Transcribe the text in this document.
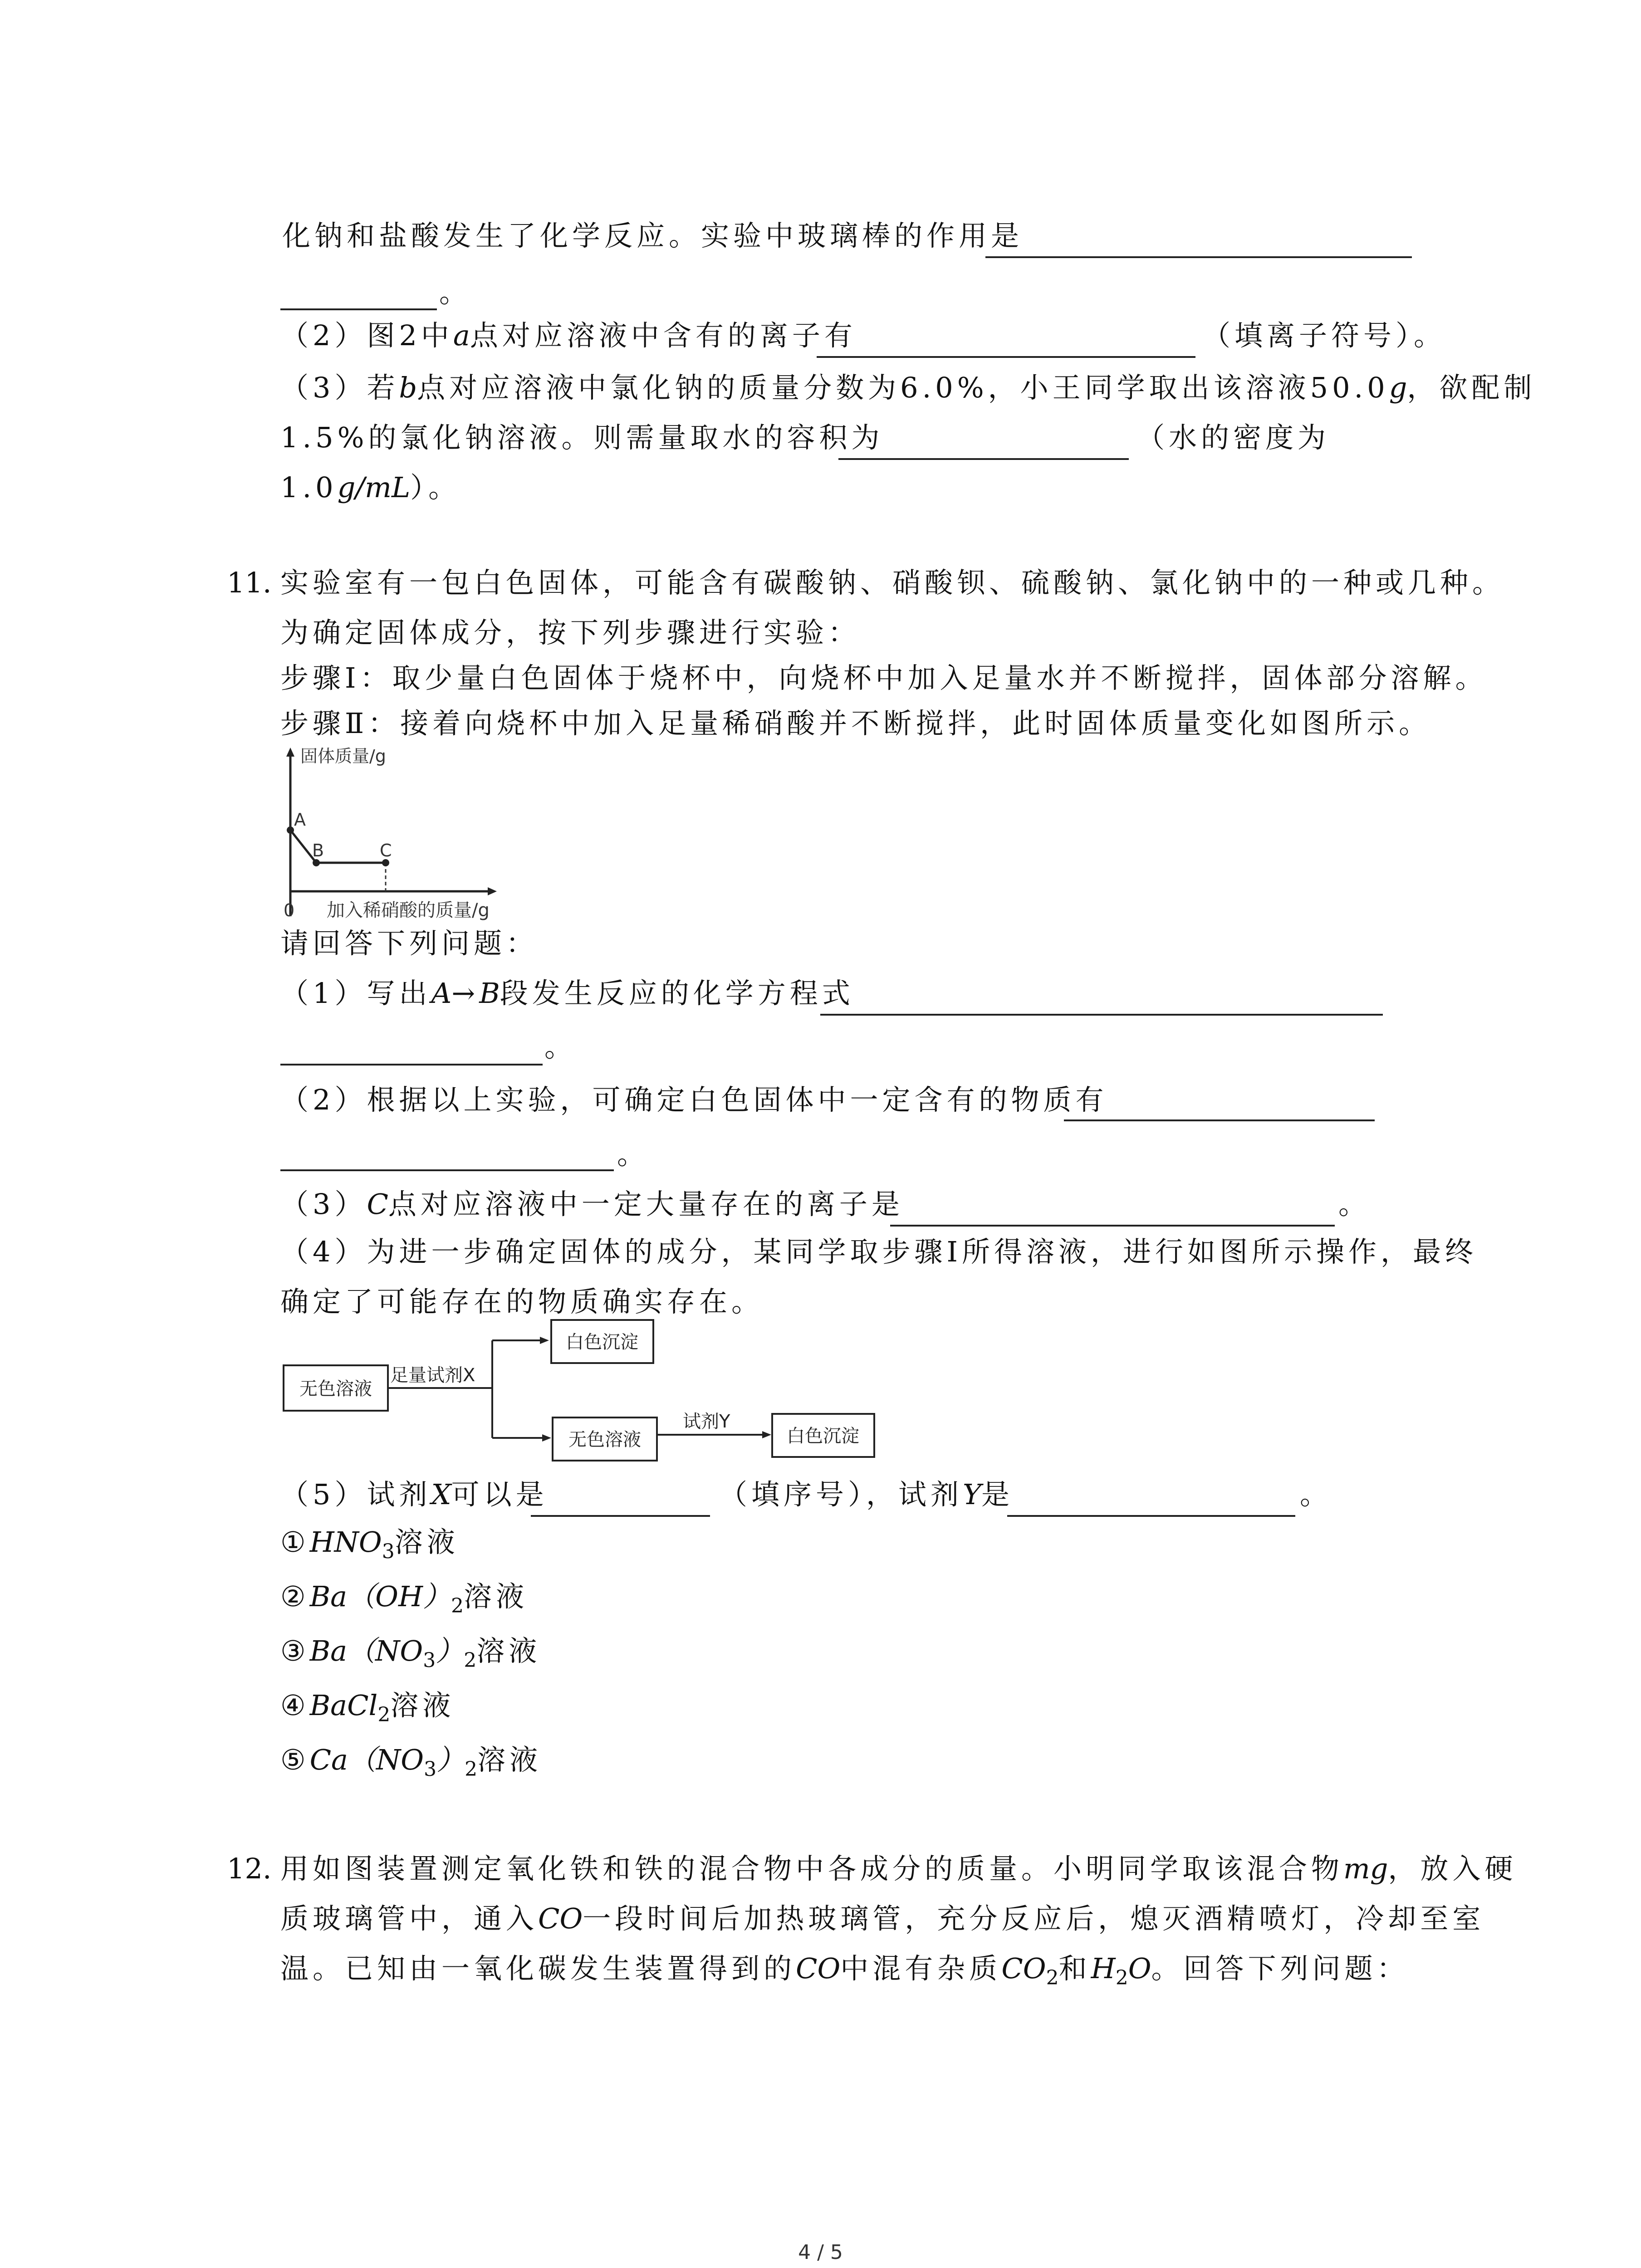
化钠和盐酸发生了化学反应。实验中玻璃棒的作用是
。
（2）图2中a点对应溶液中含有的离子有	（填离子符号）。
（3）若b点对应溶液中氯化钠的质量分数为6.0%，小王同学取出该溶液50.0g，欲配制
1.5%的氯化钠溶液。则需量取水的容积为	（水的密度为
1.0g/mL）。
11. 实验室有一包白色固体，可能含有碳酸钠、硝酸钡、硫酸钠、氯化钠中的一种或几种。
为确定固体成分，按下列步骤进行实验：
步骤Ⅰ：取少量白色固体于烧杯中，向烧杯中加入足量水并不断搅拌，固体部分溶解。
步骤Ⅱ：接着向烧杯中加入足量稀硝酸并不断搅拌，此时固体质量变化如图所示。
固体质量/g
A
B	C
0 加入稀硝酸的质量/g
请回答下列问题：
（1）写出A→B段发生反应的化学方程式
。
（2）根据以上实验，可确定白色固体中一定含有的物质有
。
（3）C点对应溶液中一定大量存在的离子是	。
（4）为进一步确定固体的成分，某同学取步骤Ⅰ所得溶液，进行如图所示操作，最终
确定了可能存在的物质确实存在。
无色溶液
足量试剂X
白色沉淀
无色溶液
试剂Y
白色沉淀
（5）试剂X可以是	（填序号），试剂Y是	。
$①HNO_3$溶液
$②Ba(OH)_2$溶液
$③Ba(NO_3)_2$溶液
④BaCl$_2$溶液
$⑤Ca(NO_3)_2$溶液
12. 用如图装置测定氧化铁和铁的混合物中各成分的质量。小明同学取该混合物mg，放入硬
质玻璃管中，通入CO一段时间后加热玻璃管，充分反应后，熄灭酒精喷灯，冷却至室
温。已知由一氧化碳发生装置得到的CO中混有杂质$CO_2$和$H_2O$。回答下列问题：
4 / 5
